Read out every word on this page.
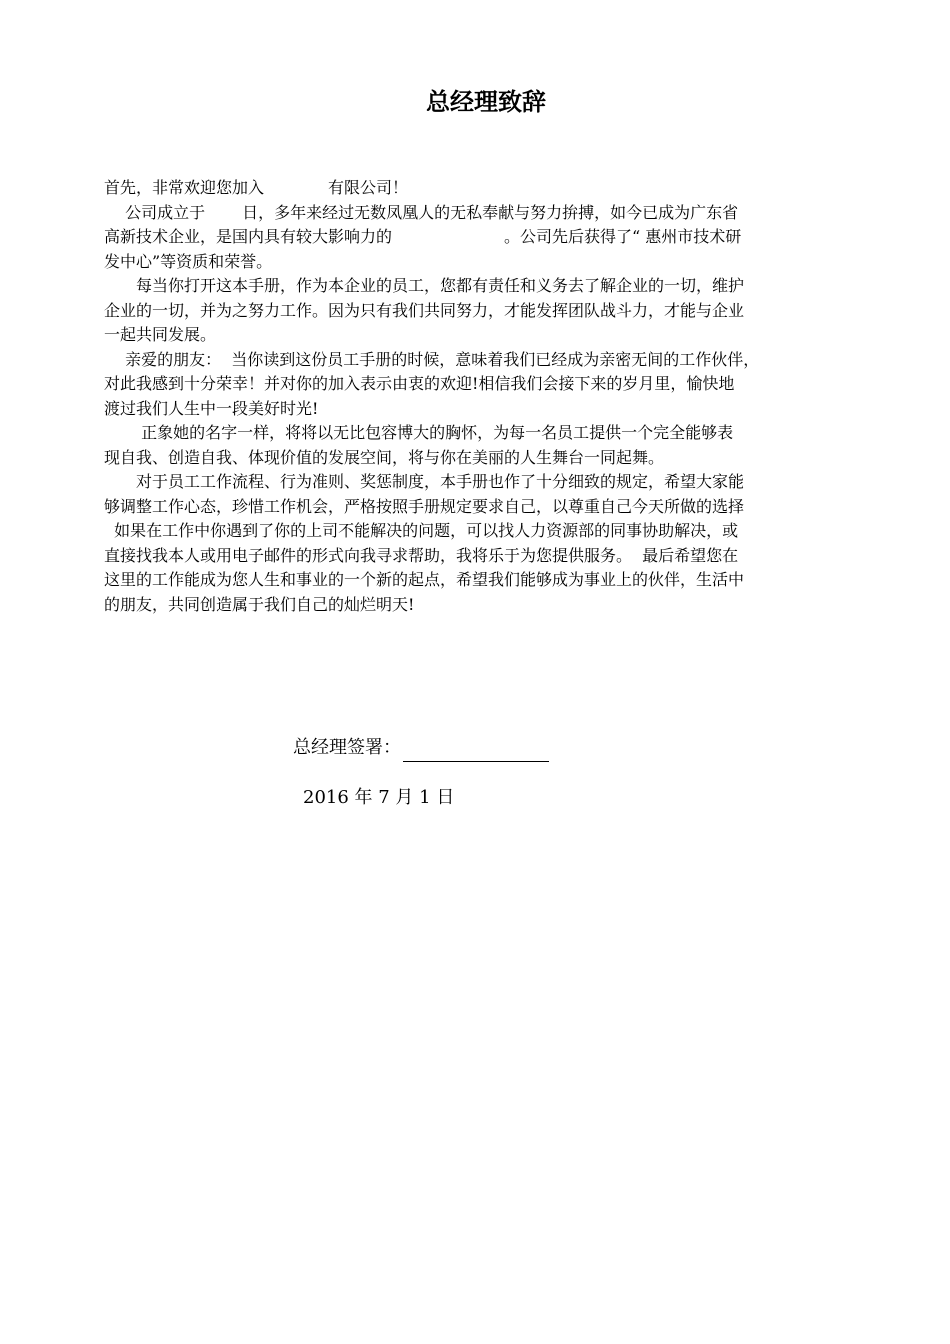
总经理致辞

首先，非常欢迎您加入　　　　有限公司！

　 公司成立于　　 日，多年来经过无数凤凰人的无私奉献与努力拚搏，如今已成为广东省
高新技术企业，是国内具有较大影响力的　　　　　　　。公司先后获得了“ 惠州市技术研
发中心”等资质和荣誉。

　　每当你打开这本手册，作为本企业的员工，您都有责任和义务去了解企业的一切，维护
企业的一切，并为之努力工作。因为只有我们共同努力，才能发挥团队战斗力，才能与企业
一起共同发展。

　 亲爱的朋友：  当你读到这份员工手册的时候，意味着我们已经成为亲密无间的工作伙伴，
对此我感到十分荣幸！并对你的加入表示由衷的欢迎!相信我们会接下来的岁月里，愉快地
渡过我们人生中一段美好时光!

　　 正象她的名字一样，将将以无比包容博大的胸怀，为每一名员工提供一个完全能够表
现自我、创造自我、体现价值的发展空间，将与你在美丽的人生舞台一同起舞。

　　对于员工工作流程、行为准则、奖惩制度，本手册也作了十分细致的规定，希望大家能
够调整工作心态，珍惜工作机会，严格按照手册规定要求自己，以尊重自己今天所做的选择
如果在工作中你遇到了你的上司不能解决的问题，可以找人力资源部的同事协助解决，或
直接找我本人或用电子邮件的形式向我寻求帮助，我将乐于为您提供服务。  最后希望您在
这里的工作能成为您人生和事业的一个新的起点，希望我们能够成为事业上的伙伴，生活中
的朋友，共同创造属于我们自己的灿烂明天!

总经理签署：
2016 年 7 月 1 日
